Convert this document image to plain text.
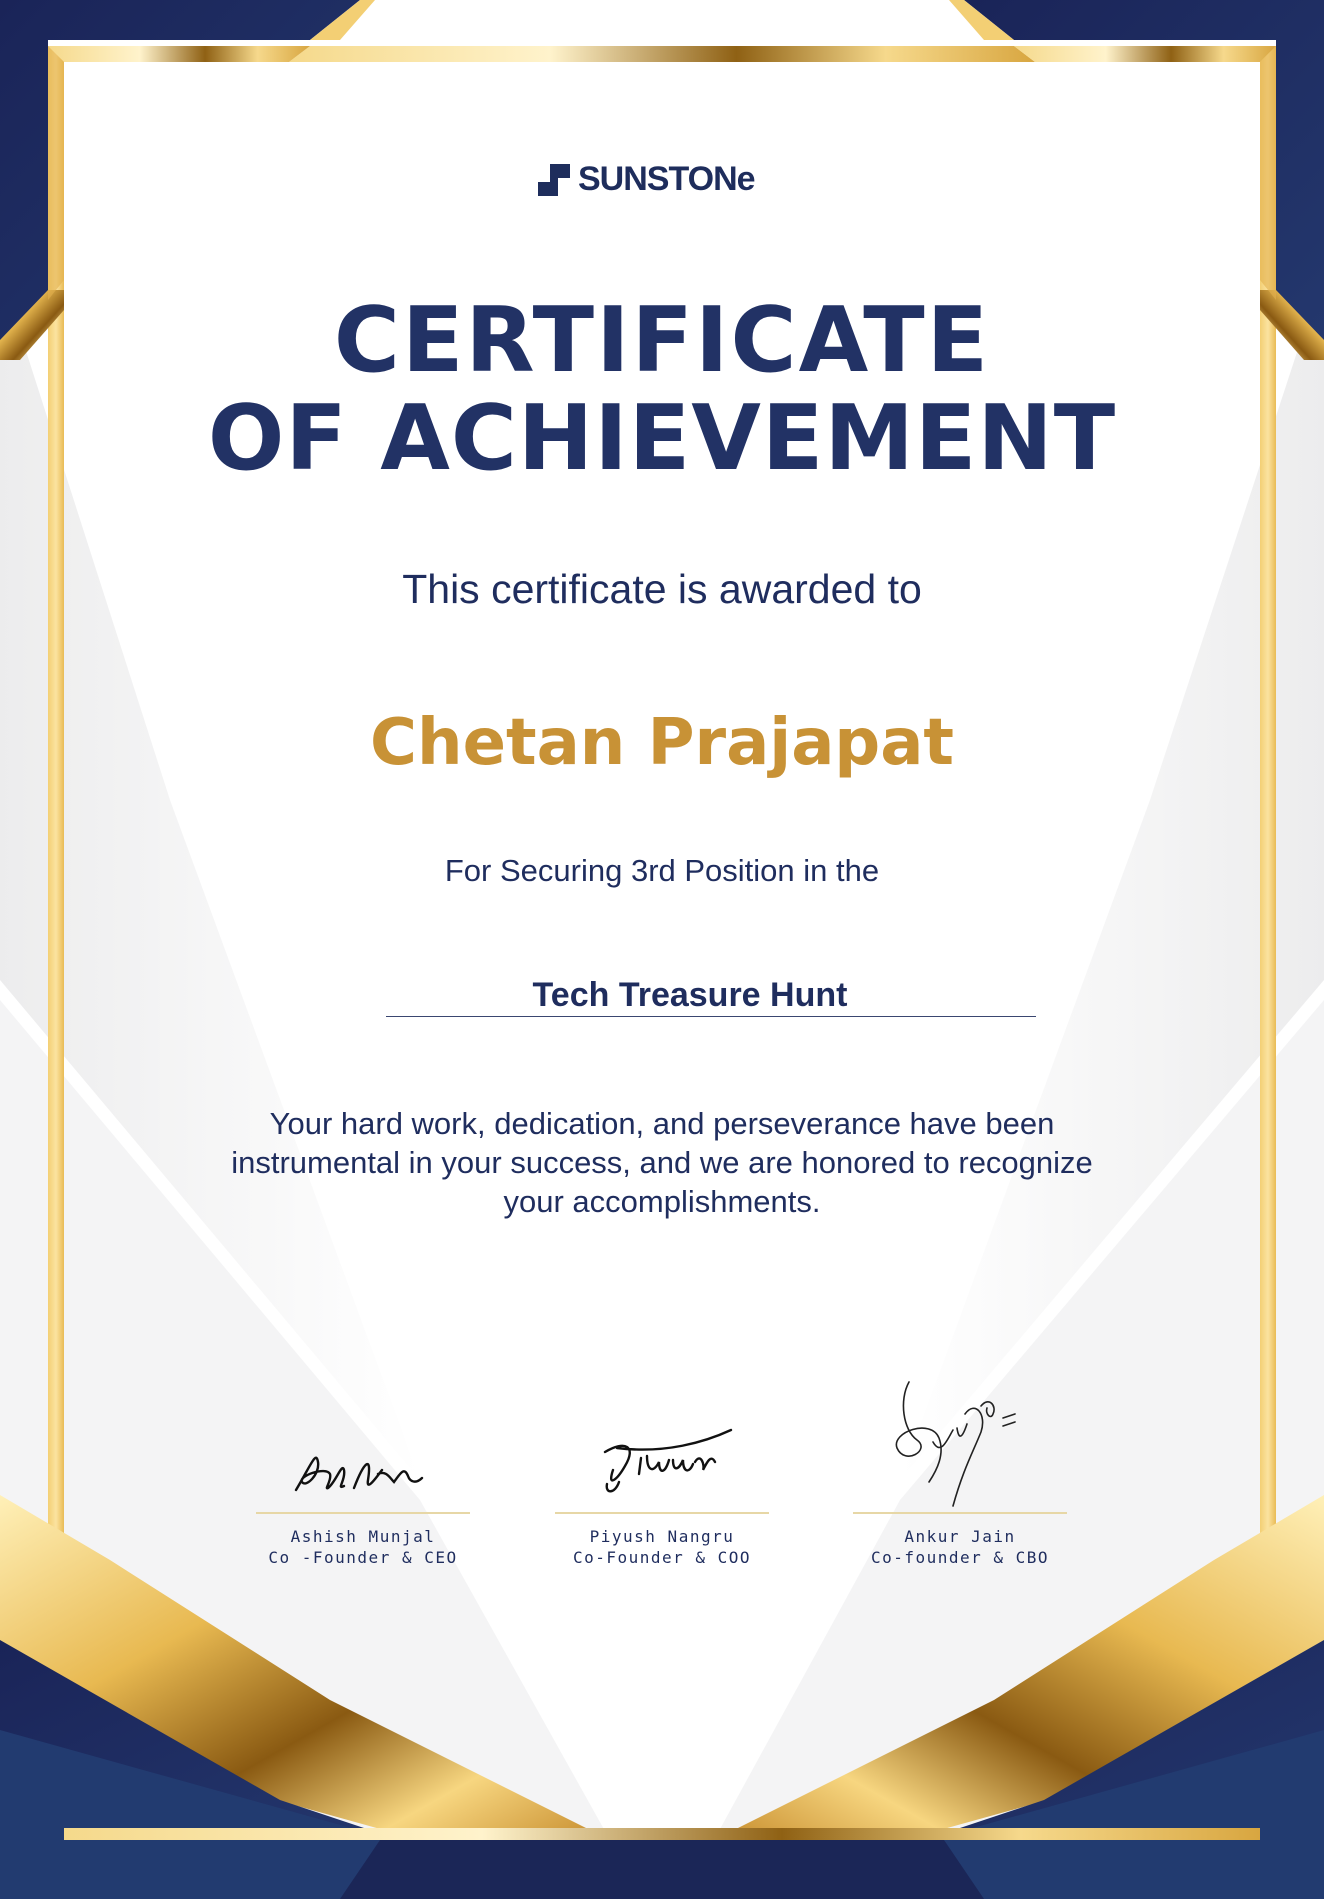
SUNSTONe
CERTIFICATE
OF ACHIEVEMENT
This certificate is awarded to
Chetan Prajapat
For Securing 3rd Position in the
Tech Treasure Hunt
Your hard work, dedication, and perseverance have been instrumental in your success, and we are honored to recognize your accomplishments.
Ashish Munjal
Co -Founder & CEO
Piyush Nangru
Co-Founder & COO
Ankur Jain
Co-founder & CBO
